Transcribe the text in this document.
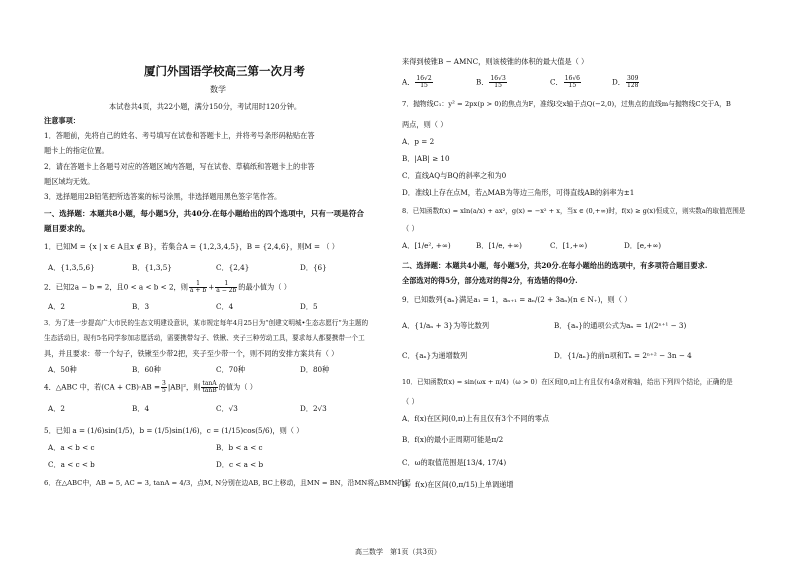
厦门外国语学校高三第一次月考
数学
本试卷共4页，共22小题，满分150分，考试用时120分钟。
注意事项：
1．答题前，先将自己的姓名、考号填写在试卷和答题卡上，并将考号条形码粘贴在答
题卡上的指定位置。
2．请在答题卡上各题号对应的答题区域内答题，写在试卷、草稿纸和答题卡上的非答
题区域均无效。
3．选择题用2B铅笔把所选答案的标号涂黑，非选择题用黑色签字笔作答。
一、选择题：本题共8小题，每小题5分，共40分.在每小题给出的四个选项中，只有一项是符合
题目要求的。
1．已知M = {x | x ∈ A且x ∉ B}，若集合A = {1,2,3,4,5}，B = {2,4,6}，则M = （ ）
A．{1,3,5,6}	B．{1,3,5}	C．{2,4}	D．{6}
2．已知2a − b = 2，且0 < a < b < 2，则 $\frac{1}{a + b} + \frac{1}{a - 2b}$ 的最小值为（ ）
A．2	B．3	C．4	D．5
3．为了进一步提高广大市民的生态文明建设意识，某市规定每年4月25日为“创建文明城•生态志愿行”为主题的
生态活动日，现有5名同学参加志愿活动，需要携带勾子、铁锹、夹子三种劳动工具，要求每人都要携带一个工
具，并且要求：带一个勾子，铁锹至少带2把，夹子至少带一个，则不同的安排方案共有（ ）
A．50种	B．60种	C．70种	D．80种
4．△ABC 中，若$(CA + CB)\cdot AB = \frac{3}{5} |AB|^2$，则 $\frac{\tan A}{\tan B}$ 的值为（ ）
A．2	B．4	C．√3	D．2√3
5．已知 a = (1/6)sin(1/5)，b = (1/5)sin(1/6)，c = (1/15)cos(5/6)，则（ ）
A．a < b < c	B．b < a < c
C．a < c < b	D．c < a < b
6．在△ABC中，AB = 5, AC = 3, tanA = 4/3，点M, N分别在边AB, BC上移动，且MN = BN，沿MN将△BMN折起
来得到棱锥B − AMNC，则该棱锥的体积的最大值是（ ）
A． $\frac{16√2}{15}$	B． $\frac{16√3}{15}$	C． $\frac{16√6}{15}$	D． $\frac{309}{128}$
7．抛物线C₁：y² = 2px(p > 0)的焦点为F，准线l交x轴于点Q(−2,0)，过焦点的直线m与抛物线C交于A，B
两点，则（ ）
A．p = 2
B．|AB| ≥ 10
C．直线AQ与BQ的斜率之和为0
D．准线l上存在点M，若△MAB为等边三角形，可得直线AB的斜率为±1
8．已知函数f(x) = xln(a/x) + ax²，g(x) = −x² + x，当x ∈ (0,+∞)时，f(x) ≥ g(x)恒成立，则实数a的取值范围是
（ ）
A．[1/e², +∞)	B．[1/e, +∞)	C．[1,+∞)	D．[e,+∞)
二、选择题：本题共4小题，每小题5分，共20分.在每小题给出的选项中，有多项符合题目要求.
全部选对的得5分，部分选对的得2分，有选错的得0分.
9．已知数列{aₙ}满足a₁ = 1，aₙ₊₁ = aₙ/(2 + 3aₙ)(n ∈ N₊)，则（ ）
A．{1/aₙ + 3}为等比数列	B．{aₙ}的通项公式为aₙ = 1/(2ⁿ⁺¹ − 3)
C．{aₙ}为递增数列	D．{1/aₙ}的前n项和Tₙ = 2ⁿ⁺² − 3n − 4
10．已知函数f(x) = sin(ωx + π/4)（ω > 0）在区间[0,π]上有且仅有4条对称轴，给出下列四个结论，正确的是
（ ）
A．f(x)在区间(0,π)上有且仅有3个不同的零点
B．f(x)的最小正周期可能是π/2
C．ω的取值范围是[13/4, 17/4)
D．f(x)在区间(0,π/15)上单调递增
高三数学　第1页（共3页）
